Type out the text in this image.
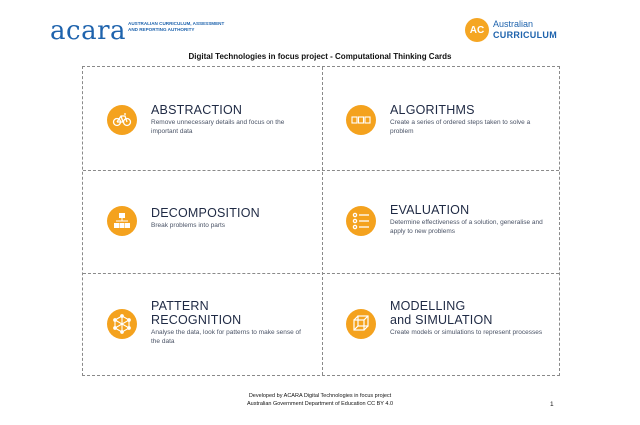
acara AUSTRALIAN CURRICULUM, ASSESSMENT AND REPORTING AUTHORITY	AC
Australian
CURRICULUM
Digital Technologies in focus project - Computational Thinking Cards
ABSTRACTION
Remove unnecessary details and focus on the important data
ALGORITHMS
Create a series of ordered steps taken to solve a problem
DECOMPOSITION
Break problems into parts
EVALUATION
Determine effectiveness of a solution, generalise and apply to new problems
PATTERN
RECOGNITION
Analyse the data, look for patterns to make sense of the data
MODELLING
and SIMULATION
Create models or simulations to represent processes
Developed by ACARA Digital Technologies in focus project
Australian Government Department of Education CC BY 4.0	1
